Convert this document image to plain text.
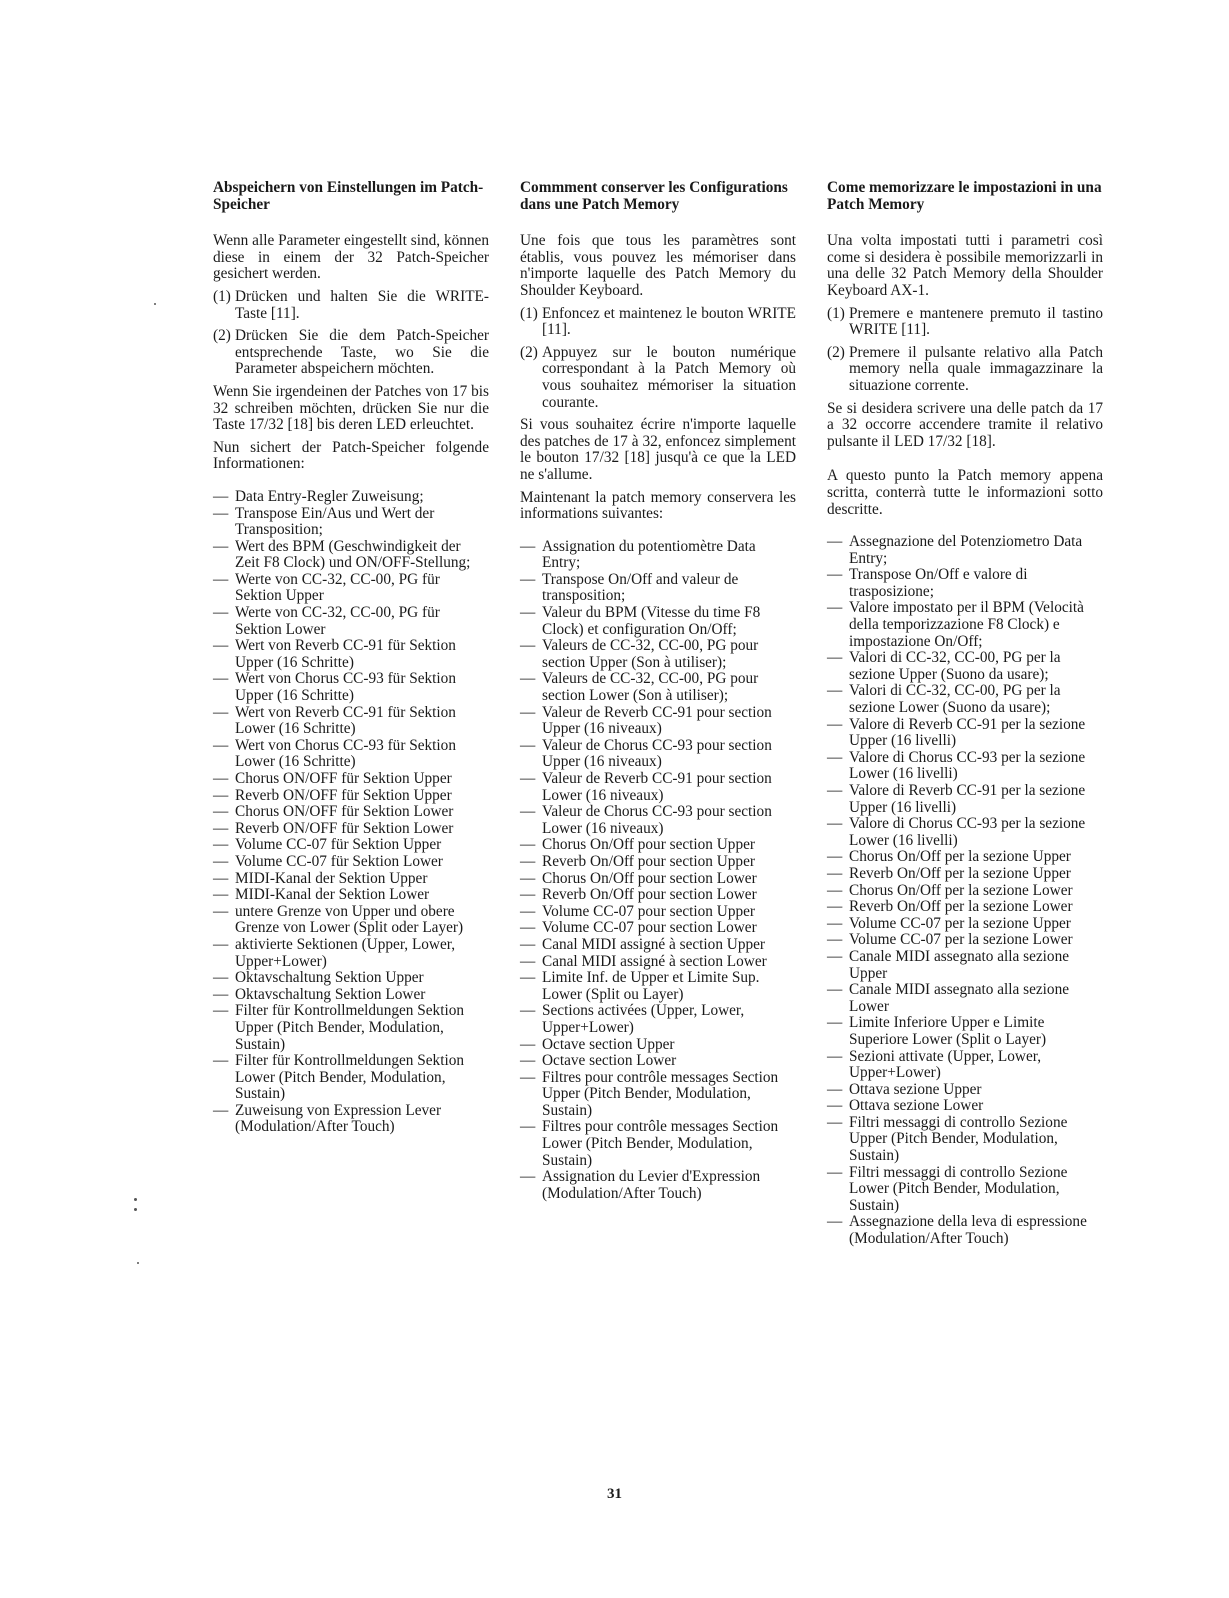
Abspeichern von Einstellungen im Patch-Speicher

Wenn alle Parameter eingestellt sind, können diese in einem der 32 Patch-Speicher gesichert werden.

(1) Drücken und halten Sie die WRITE-Taste [11].
(2) Drücken Sie die dem Patch-Speicher entsprechende Taste, wo Sie die Parameter abspeichern möchten.

Wenn Sie irgendeinen der Patches von 17 bis 32 schreiben möchten, drücken Sie nur die Taste 17/32 [18] bis deren LED erleuchtet.

Nun sichert der Patch-Speicher folgende Informationen:

— Data Entry-Regler Zuweisung;
— Transpose Ein/Aus und Wert der Transposition;
— Wert des BPM (Geschwindigkeit der Zeit F8 Clock) und ON/OFF-Stellung;
— Werte von CC-32, CC-00, PG für Sektion Upper
— Werte von CC-32, CC-00, PG für Sektion Lower
— Wert von Reverb CC-91 für Sektion Upper (16 Schritte)
— Wert von Chorus CC-93 für Sektion Upper (16 Schritte)
— Wert von Reverb CC-91 für Sektion Lower (16 Schritte)
— Wert von Chorus CC-93 für Sektion Lower (16 Schritte)
— Chorus ON/OFF für Sektion Upper
— Reverb ON/OFF für Sektion Upper
— Chorus ON/OFF für Sektion Lower
— Reverb ON/OFF für Sektion Lower
— Volume CC-07 für Sektion Upper
— Volume CC-07 für Sektion Lower
— MIDI-Kanal der Sektion Upper
— MIDI-Kanal der Sektion Lower
— untere Grenze von Upper und obere Grenze von Lower (Split oder Layer)
— aktivierte Sektionen (Upper, Lower, Upper+Lower)
— Oktavschaltung Sektion Upper
— Oktavschaltung Sektion Lower
— Filter für Kontrollmeldungen Sektion Upper (Pitch Bender, Modulation, Sustain)
— Filter für Kontrollmeldungen Sektion Lower (Pitch Bender, Modulation, Sustain)
— Zuweisung von Expression Lever (Modulation/After Touch)
Commment conserver les Configurations dans une Patch Memory

Une fois que tous les paramètres sont établis, vous pouvez les mémoriser dans n'importe laquelle des Patch Memory du Shoulder Keyboard.

(1) Enfoncez et maintenez le bouton WRITE [11].
(2) Appuyez sur le bouton numérique correspondant à la Patch Memory où vous souhaitez mémoriser la situation courante.

Si vous souhaitez écrire n'importe laquelle des patches de 17 à 32, enfoncez simplement le bouton 17/32 [18] jusqu'à ce que la LED ne s'allume.

Maintenant la patch memory conservera les informations suivantes:

— Assignation du potentiomètre Data Entry;
— Transpose On/Off and valeur de transposition;
— Valeur du BPM (Vitesse du time F8 Clock) et configuration On/Off;
— Valeurs de CC-32, CC-00, PG pour section Upper (Son à utiliser);
— Valeurs de CC-32, CC-00, PG pour section Lower (Son à utiliser);
— Valeur de Reverb CC-91 pour section Upper (16 niveaux)
— Valeur de Chorus CC-93 pour section Upper (16 niveaux)
— Valeur de Reverb CC-91 pour section Lower (16 niveaux)
— Valeur de Chorus CC-93 pour section Lower (16 niveaux)
— Chorus On/Off pour section Upper
— Reverb On/Off pour section Upper
— Chorus On/Off pour section Lower
— Reverb On/Off pour section Lower
— Volume CC-07 pour section Upper
— Volume CC-07 pour section Lower
— Canal MIDI assigné à section Upper
— Canal MIDI assigné à section Lower
— Limite Inf. de Upper et Limite Sup. Lower (Split ou Layer)
— Sections activées (Upper, Lower, Upper+Lower)
— Octave section Upper
— Octave section Lower
— Filtres pour contrôle messages Section Upper (Pitch Bender, Modulation, Sustain)
— Filtres pour contrôle messages Section Lower (Pitch Bender, Modulation, Sustain)
— Assignation du Levier d'Expression (Modulation/After Touch)
Come memorizzare le impostazioni in una Patch Memory

Una volta impostati tutti i parametri così come si desidera è possibile memorizzarli in una delle 32 Patch Memory della Shoulder Keyboard AX-1.

(1) Premere e mantenere premuto il tastino WRITE [11].
(2) Premere il pulsante relativo alla Patch memory nella quale immagazzinare la situazione corrente.

Se si desidera scrivere una delle patch da 17 a 32 occorre accendere tramite il relativo pulsante il LED 17/32 [18].

A questo punto la Patch memory appena scritta, conterrà tutte le informazioni sotto descritte.

— Assegnazione del Potenziometro Data Entry;
— Transpose On/Off e valore di trasposizione;
— Valore impostato per il BPM (Velocità della temporizzazione F8 Clock) e impostazione On/Off;
— Valori di CC-32, CC-00, PG per la sezione Upper (Suono da usare);
— Valori di CC-32, CC-00, PG per la sezione Lower (Suono da usare);
— Valore di Reverb CC-91 per la sezione Upper (16 livelli)
— Valore di Chorus CC-93 per la sezione Lower (16 livelli)
— Valore di Reverb CC-91 per la sezione Upper (16 livelli)
— Valore di Chorus CC-93 per la sezione Lower (16 livelli)
— Chorus On/Off per la sezione Upper
— Reverb On/Off per la sezione Upper
— Chorus On/Off per la sezione Lower
— Reverb On/Off per la sezione Lower
— Volume CC-07 per la sezione Upper
— Volume CC-07 per la sezione Lower
— Canale MIDI assegnato alla sezione Upper
— Canale MIDI assegnato alla sezione Lower
— Limite Inferiore Upper e Limite Superiore Lower (Split o Layer)
— Sezioni attivate (Upper, Lower, Upper+Lower)
— Ottava sezione Upper
— Ottava sezione Lower
— Filtri messaggi di controllo Sezione Upper (Pitch Bender, Modulation, Sustain)
— Filtri messaggi di controllo Sezione Lower (Pitch Bender, Modulation, Sustain)
— Assegnazione della leva di espressione (Modulation/After Touch)
31
